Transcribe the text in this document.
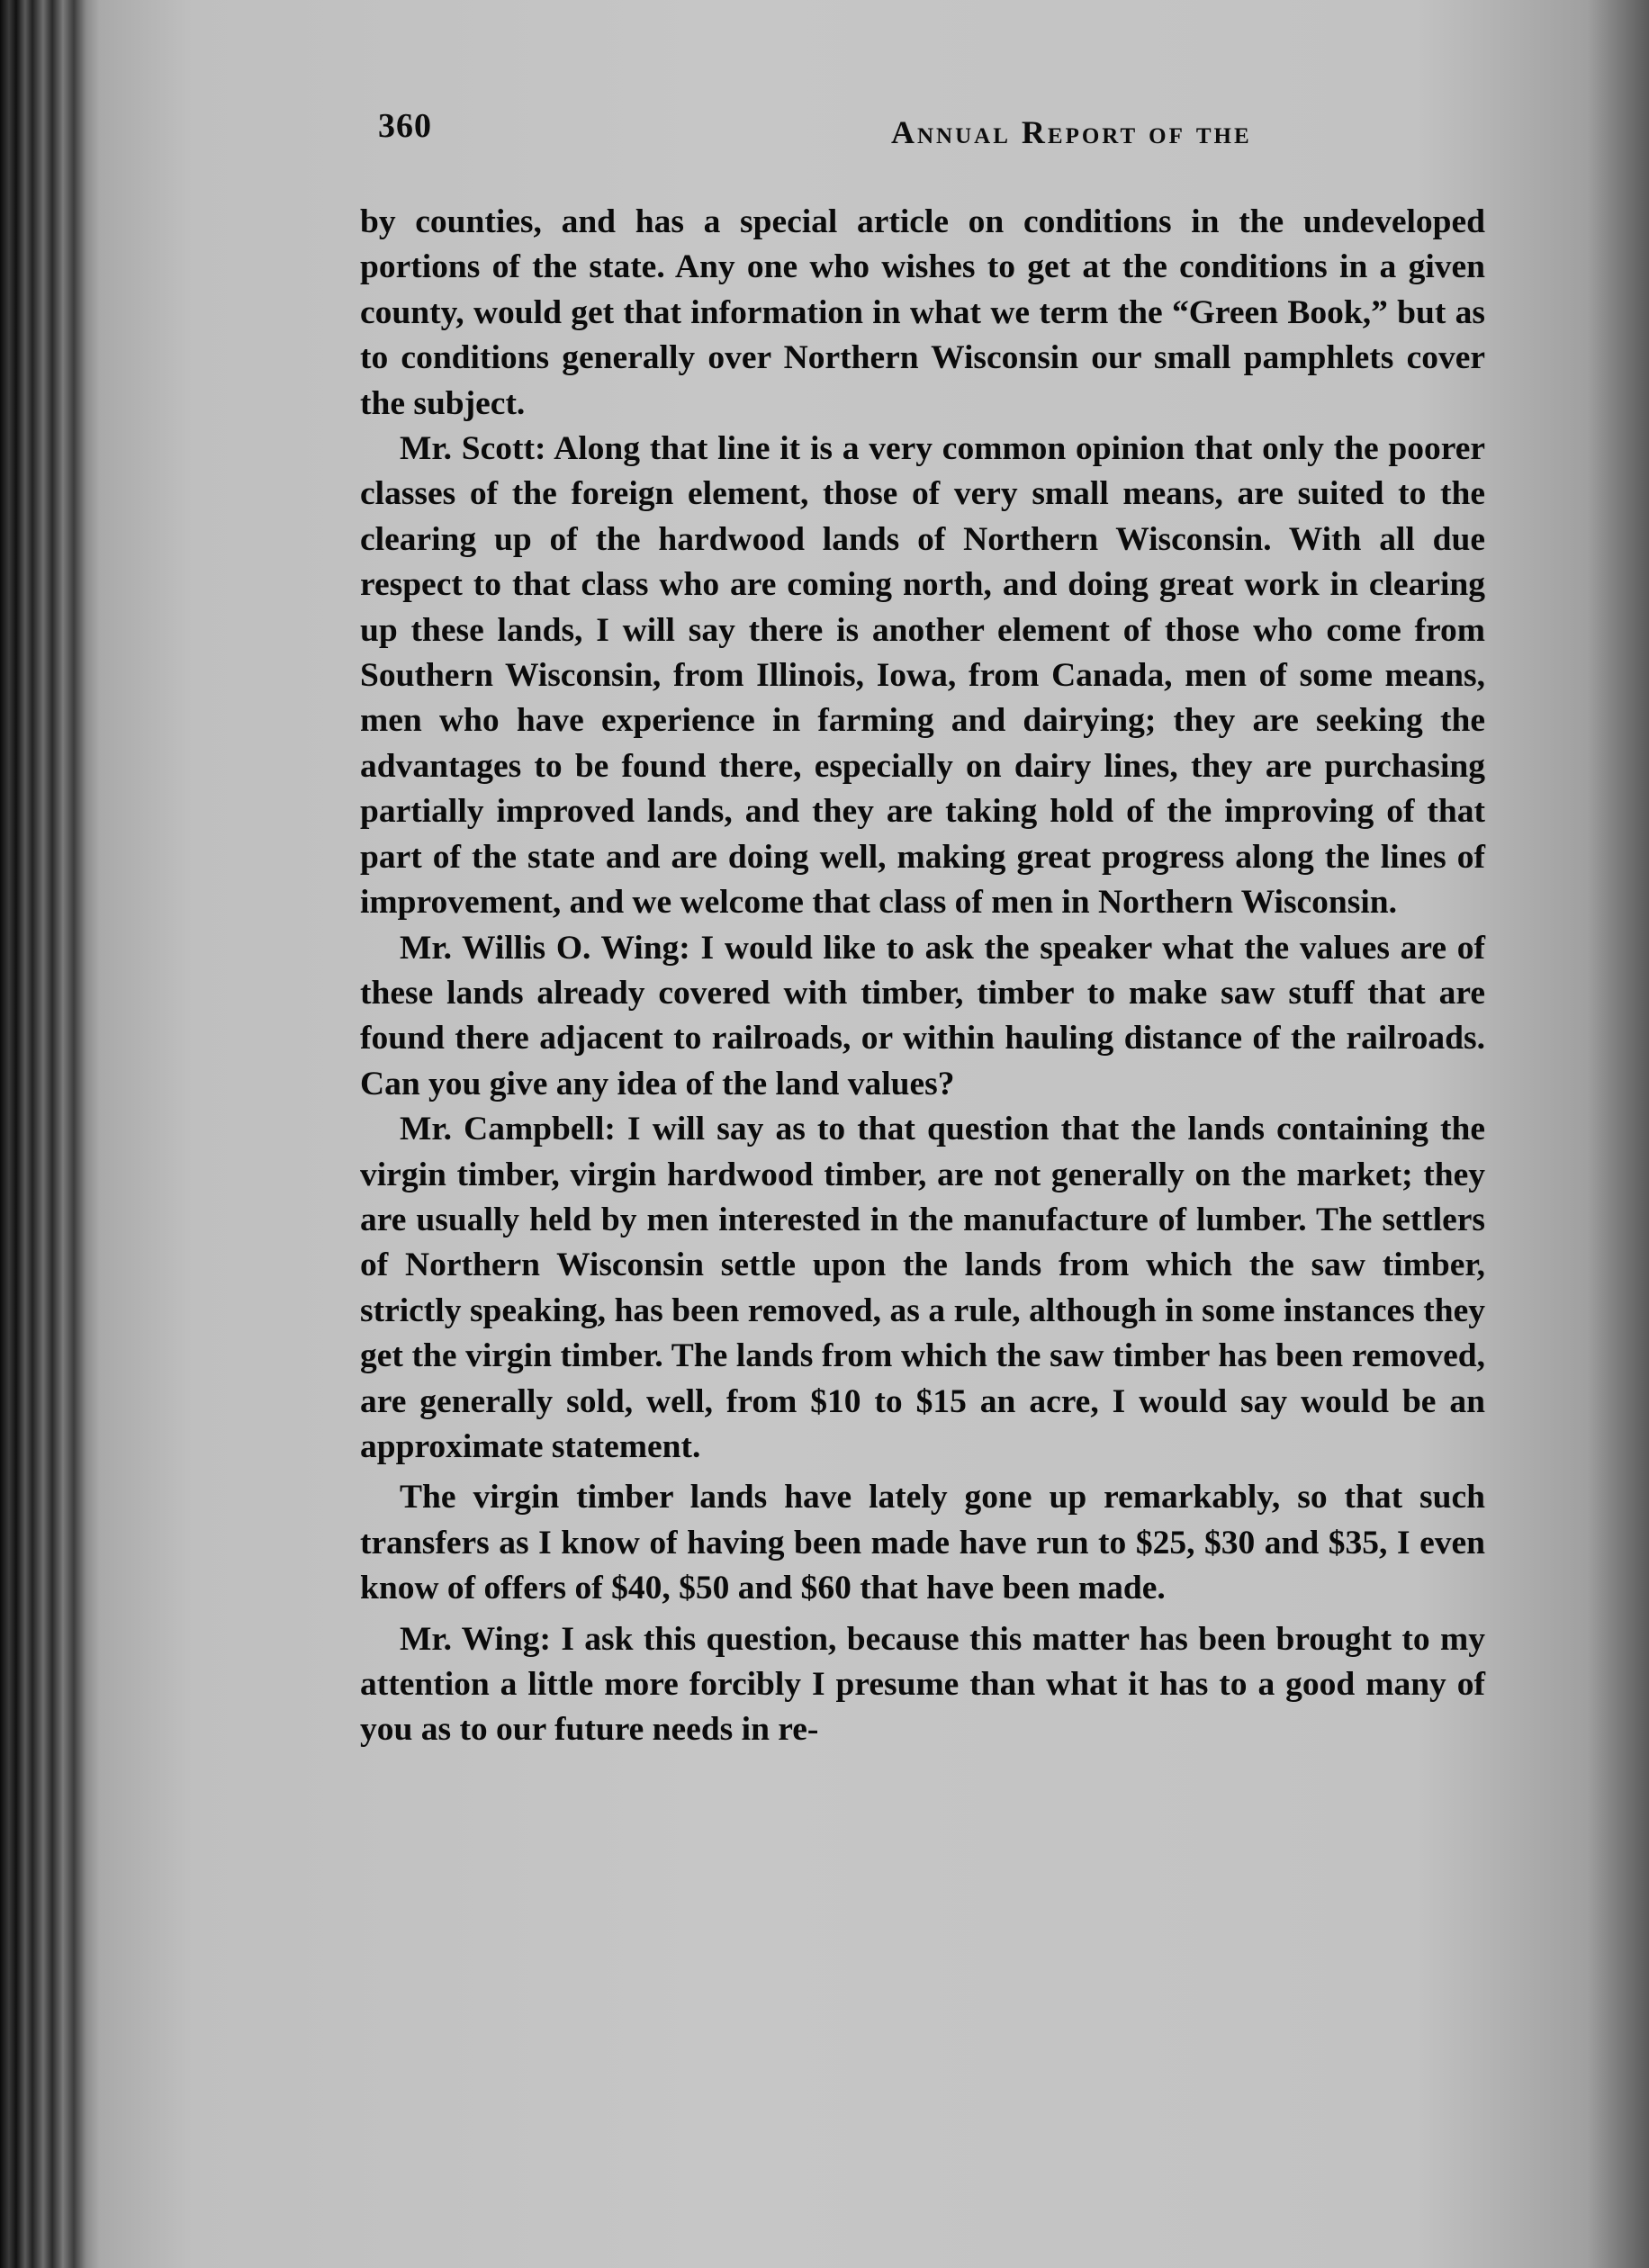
360	Annual Report of the

by counties, and has a special article on conditions in the undeveloped portions of the state. Any one who wishes to get at the conditions in a given county, would get that information in what we term the “Green Book,” but as to conditions generally over Northern Wisconsin our small pamphlets cover the subject.

Mr. Scott: Along that line it is a very common opinion that only the poorer classes of the foreign element, those of very small means, are suited to the clearing up of the hardwood lands of Northern Wisconsin. With all due respect to that class who are coming north, and doing great work in clearing up these lands, I will say there is another element of those who come from Southern Wisconsin, from Illinois, Iowa, from Canada, men of some means, men who have experience in farming and dairying; they are seeking the advantages to be found there, especially on dairy lines, they are purchasing partially improved lands, and they are taking hold of the improving of that part of the state and are doing well, making great progress along the lines of improvement, and we welcome that class of men in Northern Wisconsin.

Mr. Willis O. Wing: I would like to ask the speaker what the values are of these lands already covered with timber, timber to make saw stuff that are found there adjacent to railroads, or within hauling distance of the railroads. Can you give any idea of the land values?

Mr. Campbell: I will say as to that question that the lands containing the virgin timber, virgin hardwood timber, are not generally on the market; they are usually held by men interested in the manufacture of lumber. The settlers of Northern Wisconsin settle upon the lands from which the saw timber, strictly speaking, has been removed, as a rule, although in some instances they get the virgin timber. The lands from which the saw timber has been removed, are generally sold, well, from $10 to $15 an acre, I would say would be an approximate statement.

The virgin timber lands have lately gone up remarkably, so that such transfers as I know of having been made have run to $25, $30 and $35, I even know of offers of $40, $50 and $60 that have been made.

Mr. Wing: I ask this question, because this matter has been brought to my attention a little more forcibly I presume than what it has to a good many of you as to our future needs in re-
